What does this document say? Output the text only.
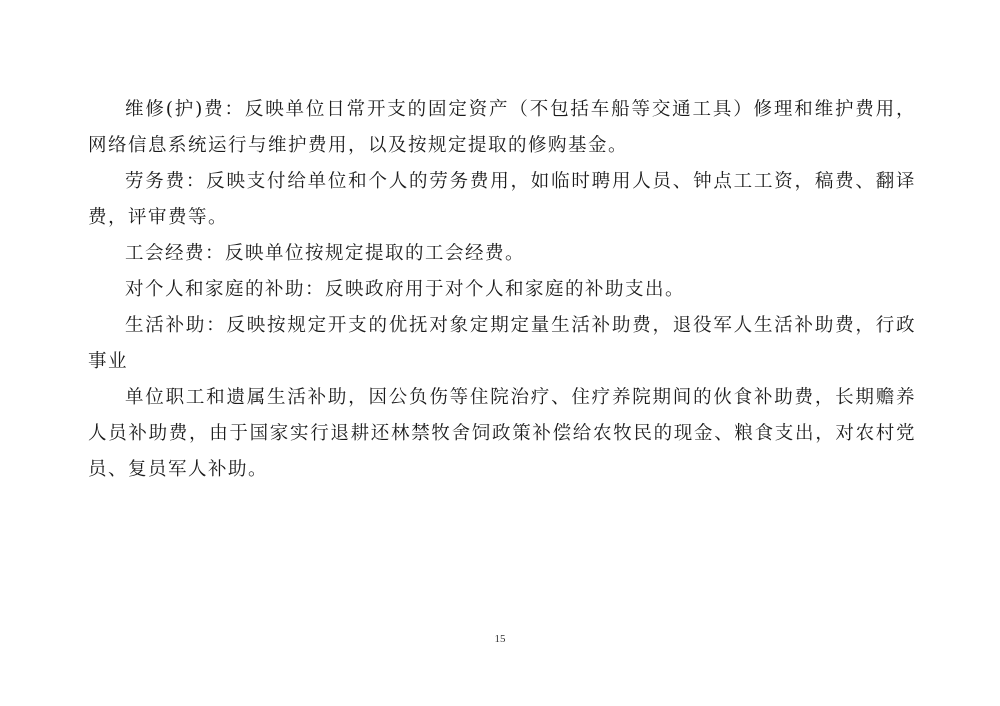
维修(护)费：反映单位日常开支的固定资产（不包括车船等交通工具）修理和维护费用，网络信息系统运行与维护费用，以及按规定提取的修购基金。

劳务费：反映支付给单位和个人的劳务费用，如临时聘用人员、钟点工工资，稿费、翻译费，评审费等。

工会经费：反映单位按规定提取的工会经费。

对个人和家庭的补助：反映政府用于对个人和家庭的补助支出。

生活补助：反映按规定开支的优抚对象定期定量生活补助费，退役军人生活补助费，行政事业

单位职工和遗属生活补助，因公负伤等住院治疗、住疗养院期间的伙食补助费，长期赡养人员补助费，由于国家实行退耕还林禁牧舍饲政策补偿给农牧民的现金、粮食支出，对农村党员、复员军人补助。

15
